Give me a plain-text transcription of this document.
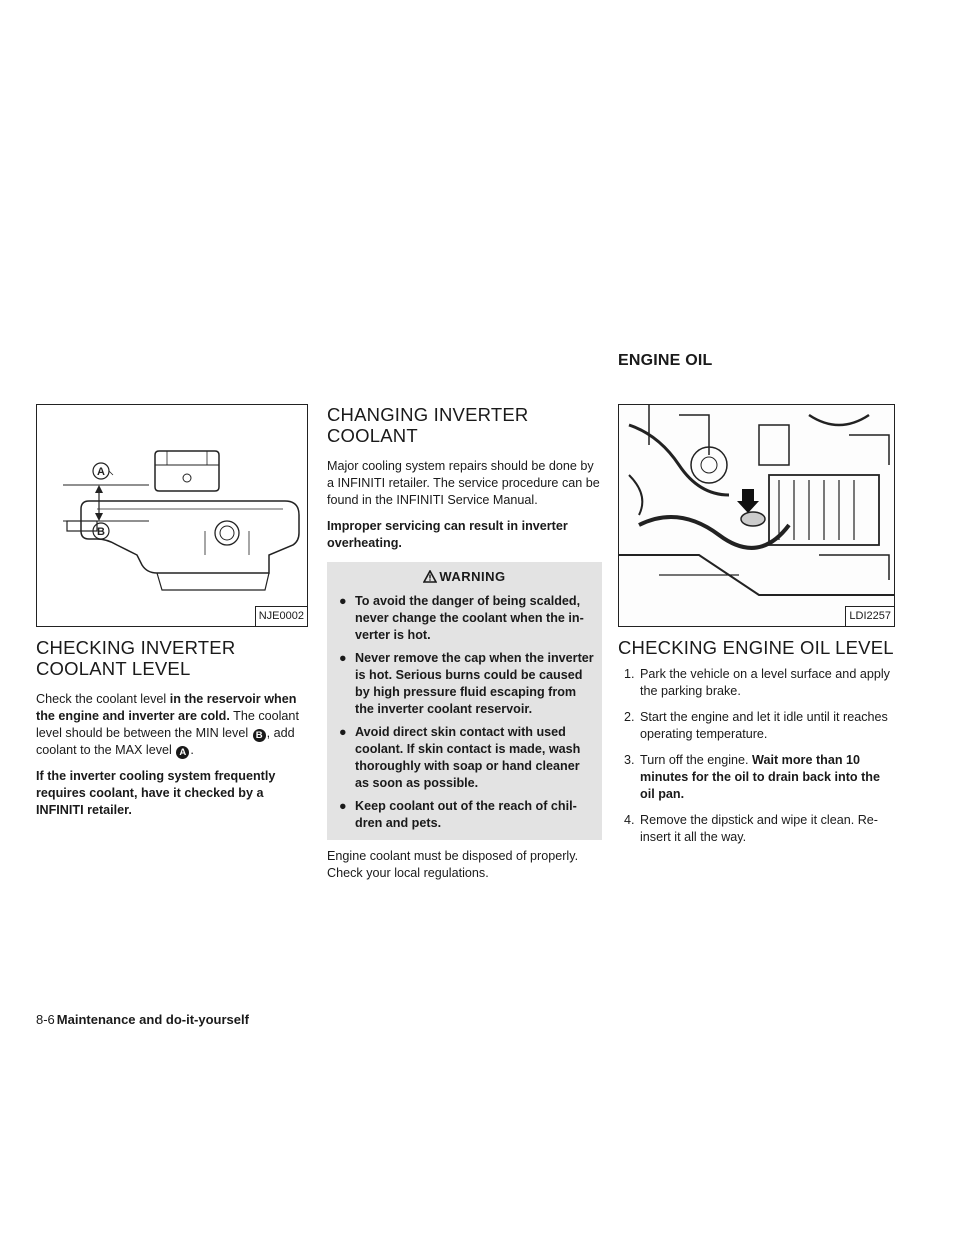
ENGINE OIL
A
B
NJE0002
CHECKING INVERTER COOLANT LEVEL

Check the coolant level in the reservoir when the engine and inverter are cold. The coolant level should be between the MIN level B , add coolant to the MAX level A .

If the inverter cooling system frequently requires coolant, have it checked by a INFINITI retailer.

CHANGING INVERTER COOLANT

Major cooling system repairs should be done by a INFINITI retailer. The service procedure can be found in the INFINITI Service Manual.

Improper servicing can result in inverter overheating.

WARNING
● To avoid the danger of being scalded, never change the coolant when the in-verter is hot.
● Never remove the cap when the inverter is hot. Serious burns could be caused by high pressure fluid escaping from the inverter coolant reservoir.
● Avoid direct skin contact with used coolant. If skin contact is made, wash thoroughly with soap or hand cleaner as soon as possible.
● Keep coolant out of the reach of chil-dren and pets.

Engine coolant must be disposed of properly. Check your local regulations.

LDI2257
CHECKING ENGINE OIL LEVEL
1. Park the vehicle on a level surface and apply the parking brake.
2. Start the engine and let it idle until it reaches operating temperature.
3. Turn off the engine. Wait more than 10 minutes for the oil to drain back into the oil pan.
4. Remove the dipstick and wipe it clean. Re-insert it all the way.
8-6 Maintenance and do-it-yourself
